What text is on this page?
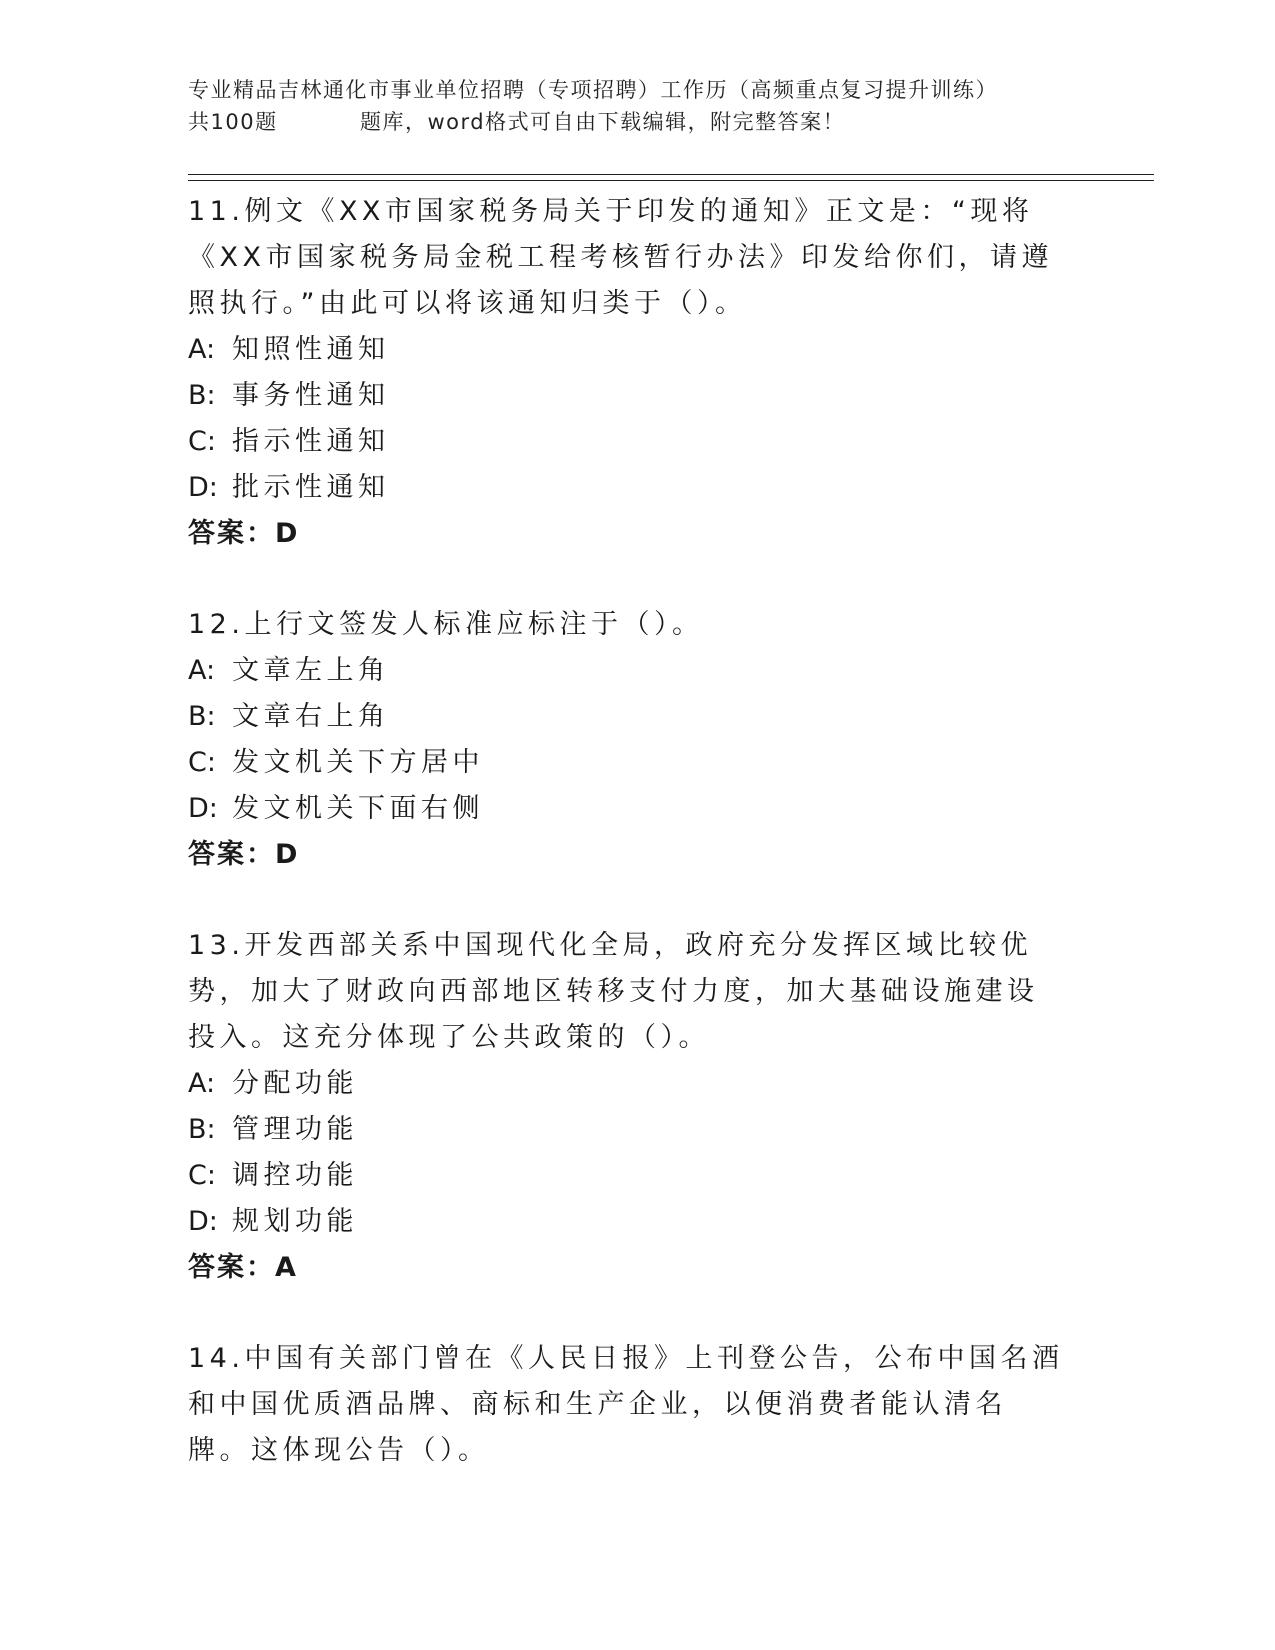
专业精品吉林通化市事业单位招聘（专项招聘）工作历（高频重点复习提升训练）
共100题	题库，word格式可自由下载编辑，附完整答案！

11.例文《XX市国家税务局关于印发的通知》正文是：“现将《XX市国家税务局金税工程考核暂行办法》印发给你们，请遵照执行。”由此可以将该通知归类于（）。

A: 知照性通知
B: 事务性通知
C: 指示性通知
D: 批示性通知
答案：D

12.上行文签发人标准应标注于（）。

A: 文章左上角
B: 文章右上角
C: 发文机关下方居中
D: 发文机关下面右侧
答案：D

13.开发西部关系中国现代化全局，政府充分发挥区域比较优势，加大了财政向西部地区转移支付力度，加大基础设施建设投入。这充分体现了公共政策的（）。

A: 分配功能
B: 管理功能
C: 调控功能
D: 规划功能
答案：A

14.中国有关部门曾在《人民日报》上刊登公告，公布中国名酒和中国优质酒品牌、商标和生产企业，以便消费者能认清名牌。这体现公告（）。
